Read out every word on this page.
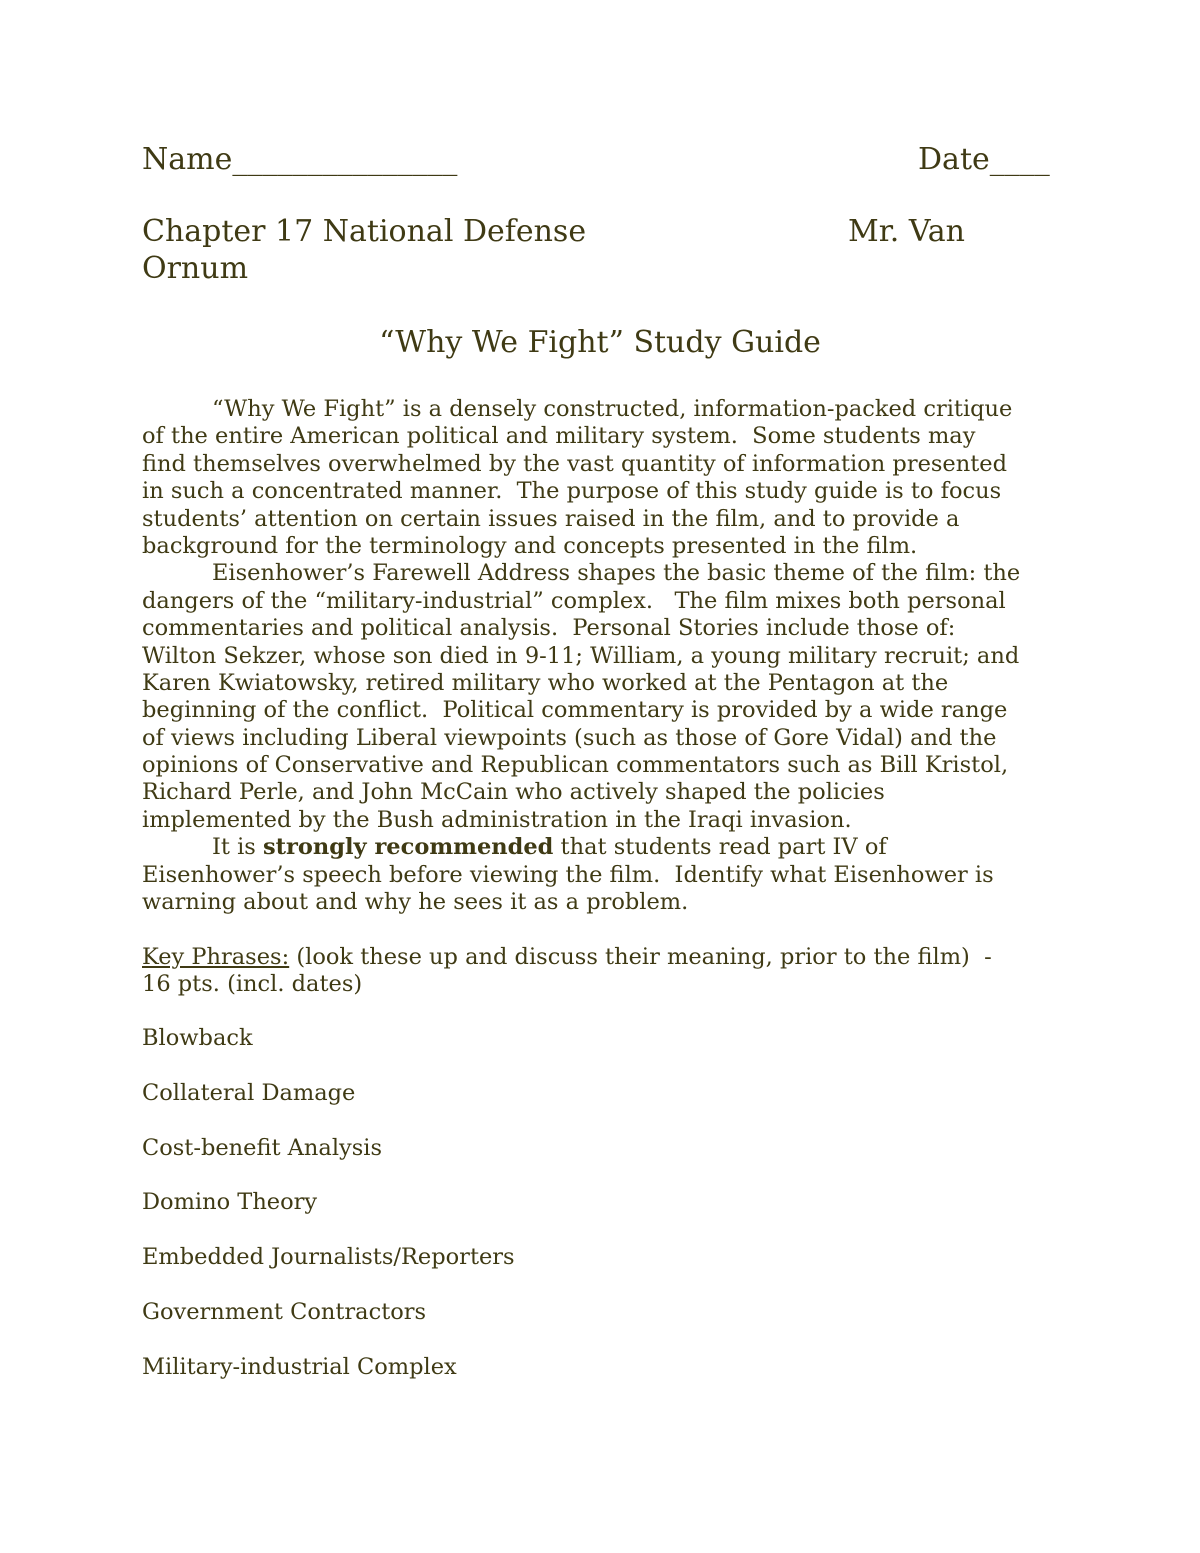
Name_______________	Date____
Chapter 17 National Defense	Mr. Van
Ornum
“Why We Fight” Study Guide
“Why We Fight” is a densely constructed, information-packed critique
of the entire American political and military system.  Some students may
find themselves overwhelmed by the vast quantity of information presented
in such a concentrated manner.  The purpose of this study guide is to focus
students’ attention on certain issues raised in the film, and to provide a
background for the terminology and concepts presented in the film.
Eisenhower’s Farewell Address shapes the basic theme of the film: the
dangers of the “military-industrial” complex.   The film mixes both personal
commentaries and political analysis.  Personal Stories include those of:
Wilton Sekzer, whose son died in 9-11; William, a young military recruit; and
Karen Kwiatowsky, retired military who worked at the Pentagon at the
beginning of the conflict.  Political commentary is provided by a wide range
of views including Liberal viewpoints (such as those of Gore Vidal) and the
opinions of Conservative and Republican commentators such as Bill Kristol,
Richard Perle, and John McCain who actively shaped the policies
implemented by the Bush administration in the Iraqi invasion.
It is strongly recommended that students read part IV of
Eisenhower’s speech before viewing the film.  Identify what Eisenhower is
warning about and why he sees it as a problem.
Key Phrases: (look these up and discuss their meaning, prior to the film)  -
16 pts. (incl. dates)
Blowback
Collateral Damage
Cost-benefit Analysis
Domino Theory
Embedded Journalists/Reporters
Government Contractors
Military-industrial Complex
